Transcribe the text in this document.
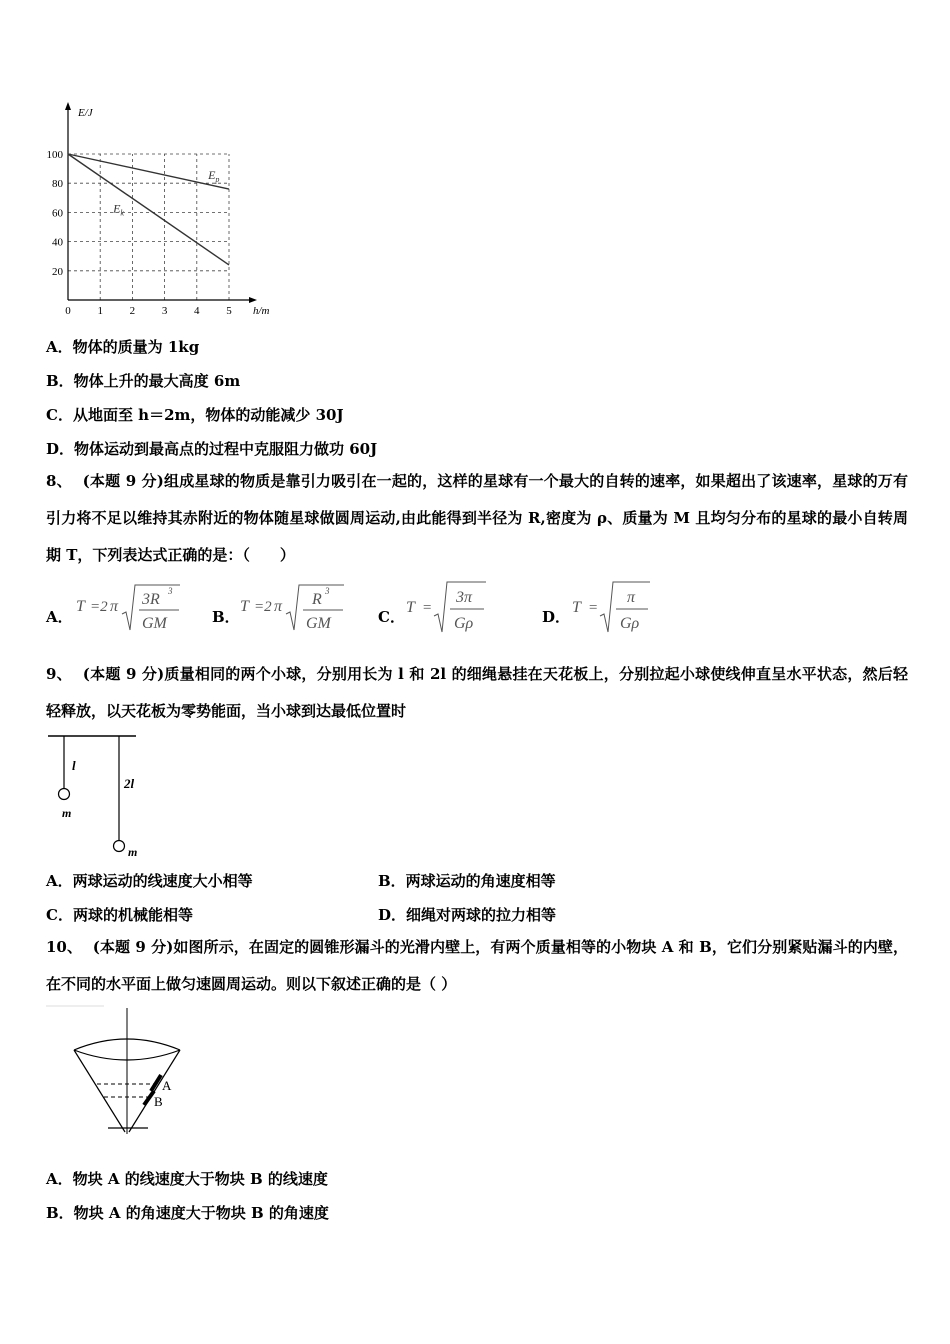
0 1 2 3 4 5
20
40
60
80
100
E/J
h/m
$E_p$
$E_k$
A．物体的质量为 1kg
B．物体上升的最大高度 6m
C．从地面至 h＝2m，物体的动能减少 30J
D．物体运动到最高点的过程中克服阻力做功 60J
8、 (本题 9 分)组成星球的物质是靠引力吸引在一起的，这样的星球有一个最大的自转的速率，如果超出了该速率，星球的万有引力将不足以维持其赤附近的物体随星球做圆周运动,由此能得到半径为 R,密度为 ρ、质量为 M 且均匀分布的星球的最小自转周期 T，下列表达式正确的是：（　　）
A．
T =2 π 3R 3
GM	B．
T =2 π R 3
GM	C．
T =
3π
Gρ	D．
T =
π
Gρ
9、 (本题 9 分)质量相同的两个小球，分别用长为 l 和 2l 的细绳悬挂在天花板上，分别拉起小球使线伸直呈水平状态，然后轻轻释放，以天花板为零势能面，当小球到达最低位置时
l
2l
m
m
A．两球运动的线速度大小相等	B．两球运动的角速度相等
C．两球的机械能相等	D．细绳对两球的拉力相等
10、 (本题 9 分)如图所示，在固定的圆锥形漏斗的光滑内壁上，有两个质量相等的小物块 A 和 B，它们分别紧贴漏斗的内壁，在不同的水平面上做匀速圆周运动。则以下叙述正确的是（ ）
A
B
A．物块 A 的线速度大于物块 B 的线速度
B．物块 A 的角速度大于物块 B 的角速度
